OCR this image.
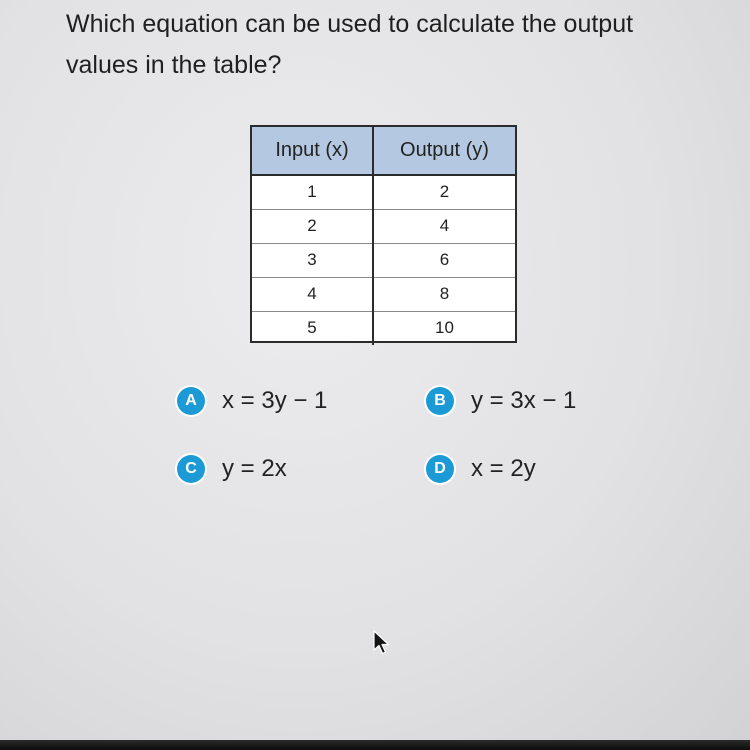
Which equation can be used to calculate the output
values in the table?
Input (x)	Output (y)
1	2
2	4
3	6
4	8
5	10
A	x = 3y − 1	B	y = 3x − 1
C	y = 2x	D	x = 2y
